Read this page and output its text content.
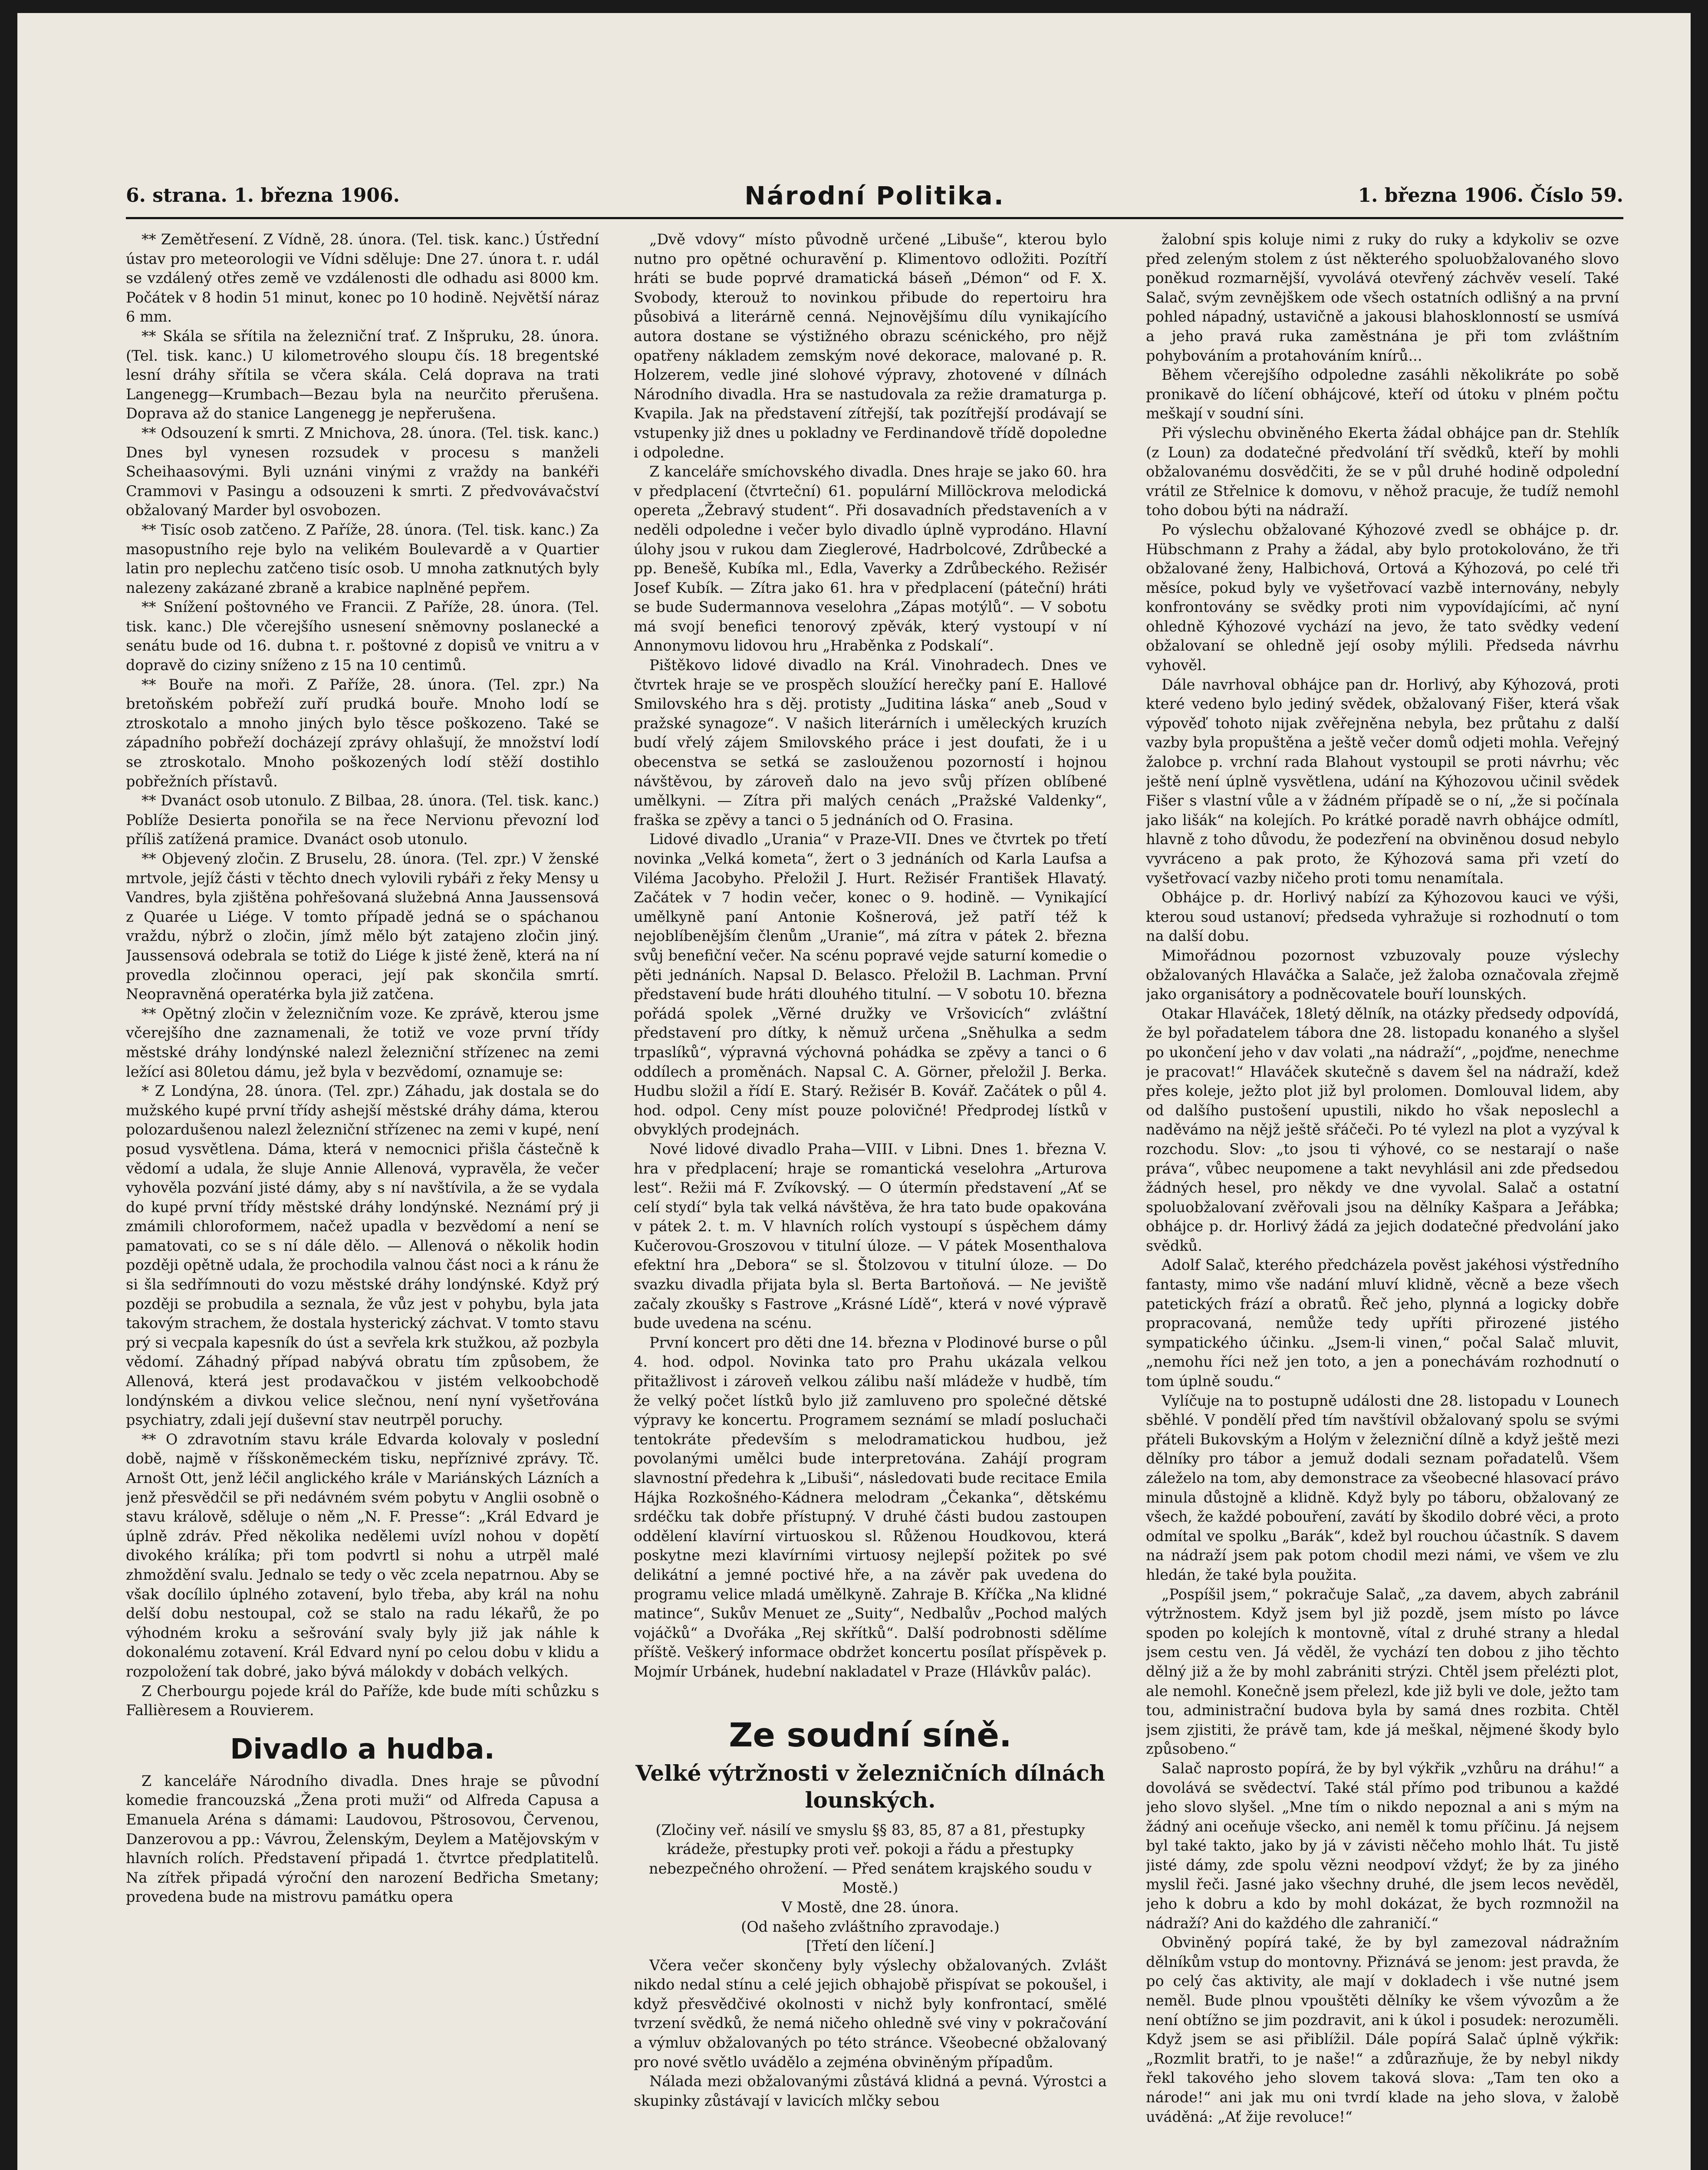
6. strana. 1. března 1906.	Národní Politika.	1. března 1906. Číslo 59.

** Zemětřesení. Z Vídně, 28. února. (Tel. tisk. kanc.) Ústřední ústav pro meteorologii ve Vídni sděluje: Dne 27. února t. r. udál se vzdálený otřes země ve vzdálenosti dle odhadu asi 8000 km. Počátek v 8 hodin 51 minut, konec po 10 hodině. Největší náraz 6 mm.

** Skála se sřítila na železniční trať. Z Inšpruku, 28. února. (Tel. tisk. kanc.) U kilometrového sloupu čís. 18 bregentské lesní dráhy sřítila se včera skála. Celá doprava na trati Langenegg—Krumbach—Bezau byla na neurčito přerušena. Doprava až do stanice Langenegg je nepřerušena.

** Odsouzení k smrti. Z Mnichova, 28. února. (Tel. tisk. kanc.) Dnes byl vynesen rozsudek v procesu s manželi Scheihaasovými. Byli uznáni vinými z vraždy na bankéři Crammovi v Pasingu a odsouzeni k smrti. Z předvovávačství obžalovaný Marder byl osvobozen.

** Tisíc osob zatčeno. Z Paříže, 28. února. (Tel. tisk. kanc.) Za masopustního reje bylo na velikém Boulevardě a v Quartier latin pro neplechu zatčeno tisíc osob. U mnoha zatknutých byly nalezeny zakázané zbraně a krabice naplněné pepřem.

** Snížení poštovného ve Francii. Z Paříže, 28. února. (Tel. tisk. kanc.) Dle včerejšího usnesení sněmovny poslanecké a senátu bude od 16. dubna t. r. poštovné z dopisů ve vnitru a v dopravě do ciziny sníženo z 15 na 10 centimů.

** Bouře na moři. Z Paříže, 28. února. (Tel. zpr.) Na bretoňském pobřeží zuří prudká bouře. Mnoho lodí se ztroskotalo a mnoho jiných bylo těsce poškozeno. Také se západního pobřeží docházejí zprávy ohlašují, že množství lodí se ztroskotalo. Mnoho poškozených lodí stěží dostihlo pobřežních přístavů.

** Dvanáct osob utonulo. Z Bilbaa, 28. února. (Tel. tisk. kanc.) Poblíže Desierta ponořila se na řece Nervionu převozní loď příliš zatížená pramice. Dvanáct osob utonulo.

** Objevený zločin. Z Bruselu, 28. února. (Tel. zpr.) V ženské mrtvole, jejíž části v těchto dnech vylovili rybáři z řeky Mensy u Vandres, byla zjištěna pohřešovaná služebná Anna Jaussensová z Quarée u Liége. V tomto případě jedná se o spáchanou vraždu, nýbrž o zločin, jímž mělo být zatajeno zločin jiný. Jaussensová odebrala se totiž do Liége k jisté ženě, která na ní provedla zločinnou operaci, její pak skončila smrtí. Neopravněná operatérka byla již zatčena.

** Opětný zločin v železničním voze. Ke zprávě, kterou jsme včerejšího dne zaznamenali, že totiž ve voze první třídy městské dráhy londýnské nalezl železniční střízenec na zemi ležící asi 80letou dámu, jež byla v bezvědomí, oznamuje se:

* Z Londýna, 28. února. (Tel. zpr.) Záhadu, jak dostala se do mužského kupé první třídy ashejší městské dráhy dáma, kterou polozardušenou nalezl železniční střízenec na zemi v kupé, není posud vysvětlena. Dáma, která v nemocnici přišla částečně k vědomí a udala, že sluje Annie Allenová, vypravěla, že večer vyhověla pozvání jisté dámy, aby s ní navštívila, a že se vydala do kupé první třídy městské dráhy londýnské. Neznámí prý ji zmámili chloroformem, načež upadla v bezvědomí a není se pamatovati, co se s ní dále dělo. — Allenová o několik hodin později opětně udala, že prochodila valnou část noci a k ránu že si šla sedřímnouti do vozu městské dráhy londýnské. Když prý později se probudila a seznala, že vůz jest v pohybu, byla jata takovým strachem, že dostala hysterický záchvat. V tomto stavu prý si vecpala kapesník do úst a sevřela krk stužkou, až pozbyla vědomí. Záhadný případ nabývá obratu tím způsobem, že Allenová, která jest prodavačkou v jistém velkoobchodě londýnském a divkou velice slečnou, není nyní vyšetřována psychiatry, zdali její duševní stav neutrpěl poruchy.

** O zdravotním stavu krále Edvarda kolovaly v poslední době, najmě v říšskoněmeckém tisku, nepříznivé zprávy. Tč. Arnošt Ott, jenž léčil anglického krále v Mariánských Lázních a jenž přesvědčil se při nedávném svém pobytu v Anglii osobně o stavu králově, sděluje o něm „N. F. Presse“: „Král Edvard je úplně zdráv. Před několika nedělemi uvízl nohou v dopětí divokého králíka; při tom podvrtl si nohu a utrpěl malé zhmoždění svalu. Jednalo se tedy o věc zcela nepatrnou. Aby se však docílilo úplného zotavení, bylo třeba, aby král na nohu delší dobu nestoupal, což se stalo na radu lékařů, že po výhodném kroku a sešrování svaly byly již jak náhle k dokonalému zotavení. Král Edvard nyní po celou dobu v klidu a rozpoložení tak dobré, jako bývá málokdy v dobách velkých.

Z Cherbourgu pojede král do Paříže, kde bude míti schůzku s Fallièresem a Rouvierem.

Divadlo a hudba.

Z kanceláře Národního divadla. Dnes hraje se původní komedie francouzská „Žena proti muži“ od Alfreda Capusa a Emanuela Aréna s dámami: Laudovou, Pštrosovou, Červenou, Danzerovou a pp.: Vávrou, Želenským, Deylem a Matějovským v hlavních rolích. Představení připadá 1. čtvrtce předplatitelů. Na zítřek připadá výroční den narození Bedřicha Smetany; provedena bude na mistrovu památku opera

„Dvě vdovy“ místo původně určené „Libuše“, kterou bylo nutno pro opětné ochuravění p. Klimentovo odložiti. Pozítří hráti se bude poprvé dramatická báseň „Démon“ od F. X. Svobody, kterouž to novinkou přibude do repertoiru hra působivá a literárně cenná. Nejnovějšímu dílu vynikajícího autora dostane se výstižného obrazu scénického, pro nějž opatřeny nákladem zemským nové dekorace, malované p. R. Holzerem, vedle jiné slohové výpravy, zhotovené v dílnách Národního divadla. Hra se nastudovala za režie dramaturga p. Kvapila. Jak na představení zítřejší, tak pozítřejší prodávají se vstupenky již dnes u pokladny ve Ferdinandově třídě dopoledne i odpoledne.

Z kanceláře smíchovského divadla. Dnes hraje se jako 60. hra v předplacení (čtvrteční) 61. populární Millöckrova melodická opereta „Žebravý student“. Při dosavadních představeních a v neděli odpoledne i večer bylo divadlo úplně vyprodáno. Hlavní úlohy jsou v rukou dam Zieglerové, Hadrbolcové, Zdrůbecké a pp. Benešě, Kubíka ml., Edla, Vaverky a Zdrůbeckého. Režisér Josef Kubík. — Zítra jako 61. hra v předplacení (páteční) hráti se bude Sudermannova veselohra „Zápas motýlů“. — V sobotu má svojí benefici tenorový zpěvák, který vystoupí v ní Annonymovu lidovou hru „Hraběnka z Podskalí“.

Pištěkovo lidové divadlo na Král. Vinohradech. Dnes ve čtvrtek hraje se ve prospěch sloužící herečky paní E. Hallové Smilovského hra s děj. protisty „Juditina láska“ aneb „Soud v pražské synagoze“. V našich literárních i uměleckých kruzích budí vřelý zájem Smilovského práce i jest doufati, že i u obecenstva se setká se zaslouženou pozorností i hojnou návštěvou, by zároveň dalo na jevo svůj přízen oblíbené umělkyni. — Zítra při malých cenách „Pražské Valdenky“, fraška se zpěvy a tanci o 5 jednáních od O. Frasina.

Lidové divadlo „Urania“ v Praze-VII. Dnes ve čtvrtek po třetí novinka „Velká kometa“, žert o 3 jednáních od Karla Laufsa a Viléma Jacobyho. Přeložil J. Hurt. Režisér František Hlavatý. Začátek v 7 hodin večer, konec o 9. hodině. — Vynikající umělkyně paní Antonie Košnerová, jež patří též k nejoblíbenějším členům „Uranie“, má zítra v pátek 2. března svůj benefiční večer. Na scénu popravé vejde saturní komedie o pěti jednáních. Napsal D. Belasco. Přeložil B. Lachman. První představení bude hráti dlouhého titulní. — V sobotu 10. března pořádá spolek „Věrné družky ve Vršovicích“ zvláštní představení pro dítky, k němuž určena „Sněhulka a sedm trpaslíků“, výpravná výchovná pohádka se zpěvy a tanci o 6 oddílech a proměnách. Napsal C. A. Görner, přeložil J. Berka. Hudbu složil a řídí E. Starý. Režisér B. Kovář. Začátek o půl 4. hod. odpol. Ceny míst pouze polovičné! Předprodej lístků v obvyklých prodejnách.

Nové lidové divadlo Praha—VIII. v Libni. Dnes 1. března V. hra v předplacení; hraje se romantická veselohra „Arturova lest“. Režii má F. Zvíkovský. — O útermín představení „Ať se celí stydí“ byla tak velká návštěva, že hra tato bude opakována v pátek 2. t. m. V hlavních rolích vystoupí s úspěchem dámy Kučerovou-Groszovou v titulní úloze. — V pátek Mosenthalova efektní hra „Debora“ se sl. Štolzovou v titulní úloze. — Do svazku divadla přijata byla sl. Berta Bartoňová. — Ne jeviště začaly zkoušky s Fastrove „Krásné Lídě“, která v nové výpravě bude uvedena na scénu.

První koncert pro děti dne 14. března v Plodinové burse o půl 4. hod. odpol. Novinka tato pro Prahu ukázala velkou přitažlivost i zároveň velkou zálibu naší mládeže v hudbě, tím že velký počet lístků bylo již zamluveno pro společné dětské výpravy ke koncertu. Programem seznámí se mladí posluchači tentokráte především s melodramatickou hudbou, jež povolanými umělci bude interpretována. Zahájí program slavnostní předehra k „Libuši“, následovati bude recitace Emila Hájka Rozkošného-Kádnera melodram „Čekanka“, dětskému srdéčku tak dobře přístupný. V druhé části budou zastoupen oddělení klavírní virtuoskou sl. Růženou Houdkovou, která poskytne mezi klavírními virtuosy nejlepší požitek po své delikátní a jemné poctivé hře, a na závěr pak uvedena do programu velice mladá umělkyně. Zahraje B. Kříčka „Na klidné matince“, Sukův Menuet ze „Suity“, Nedbalův „Pochod malých vojáčků“ a Dvořáka „Rej skřítků“. Další podrobnosti sdělíme příště. Veškerý informace obdržet koncertu posílat příspěvek p. Mojmír Urbánek, hudební nakladatel v Praze (Hlávkův palác).

Ze soudní síně.
Velké výtržnosti v železničních dílnách lounských.

(Zločiny veř. násilí ve smyslu §§ 83, 85, 87 a 81, přestupky krádeže, přestupky proti veř. pokoji a řádu a přestupky nebezpečného ohrožení. — Před senátem krajského soudu v Mostě.)

V Mostě, dne 28. února.

(Od našeho zvláštního zpravodaje.)

[Třetí den líčení.]

Včera večer skončeny byly výslechy obžalovaných. Zvlášt nikdo nedal stínu a celé jejich obhajobě přispívat se pokoušel, i když přesvědčivé okolnosti v nichž byly konfrontací, smělé tvrzení svědků, že nemá ničeho ohledně své viny v pokračování a výmluv obžalovaných po této stránce. Všeobecné obžalovaný pro nové světlo uvádělo a zejména obviněným případům.

Nálada mezi obžalovanými zůstává klidná a pevná. Výrostci a skupinky zůstávají v lavicích mlčky sebou

žalobní spis koluje nimi z ruky do ruky a kdykoliv se ozve před zeleným stolem z úst některého spoluobžalovaného slovo poněkud rozmarnější, vyvolává otevřený záchvěv veselí. Také Salač, svým zevnějškem ode všech ostatních odlišný a na první pohled nápadný, ustavičně a jakousi blahosklonností se usmívá a jeho pravá ruka zaměstnána je při tom zvláštním pohybováním a protahováním knírů...

Během včerejšího odpoledne zasáhli několikráte po sobě pronikavě do líčení obhájcové, kteří od útoku v plném počtu meškají v soudní síni.

Při výslechu obviněného Ekerta žádal obhájce pan dr. Stehlík (z Loun) za dodatečné předvolání tří svědků, kteří by mohli obžalovanému dosvědčiti, že se v půl druhé hodině odpolední vrátil ze Střelnice k domovu, v něhož pracuje, že tudíž nemohl toho dobou býti na nádraží.

Po výslechu obžalované Kýhozové zvedl se obhájce p. dr. Hübschmann z Prahy a žádal, aby bylo protokolováno, že tři obžalované ženy, Halbichová, Ortová a Kýhozová, po celé tři měsíce, pokud byly ve vyšetřovací vazbě internovány, nebyly konfrontovány se svědky proti nim vypovídajícími, ač nyní ohledně Kýhozové vychází na jevo, že tato svědky vedení obžalovaní se ohledně její osoby mýlili. Předseda návrhu vyhověl.

Dále navrhoval obhájce pan dr. Horlivý, aby Kýhozová, proti které vedeno bylo jediný svědek, obžalovaný Fišer, která však výpověď tohoto nijak zvěřejněna nebyla, bez průtahu z další vazby byla propuštěna a ještě večer domů odjeti mohla. Veřejný žalobce p. vrchní rada Blahout vystoupil se proti návrhu; věc ještě není úplně vysvětlena, udání na Kýhozovou učinil svědek Fišer s vlastní vůle a v žádném případě se o ní, „že si počínala jako lišák“ na kolejích. Po krátké poradě navrh obhájce odmítl, hlavně z toho důvodu, že podezření na obviněnou dosud nebylo vyvráceno a pak proto, že Kýhozová sama při vzetí do vyšetřovací vazby ničeho proti tomu nenamítala.

Obhájce p. dr. Horlivý nabízí za Kýhozovou kauci ve výši, kterou soud ustanoví; předseda vyhražuje si rozhodnutí o tom na další dobu.

Mimořádnou pozornost vzbuzovaly pouze výslechy obžalovaných Hlaváčka a Salače, jež žaloba označovala zřejmě jako organisátory a podněcovatele bouří lounských.

Otakar Hlaváček, 18letý dělník, na otázky předsedy odpovídá, že byl pořadatelem tábora dne 28. listopadu konaného a slyšel po ukončení jeho v dav volati „na nádraží“, „pojďme, nenechme je pracovat!“ Hlaváček skutečně s davem šel na nádraží, kdež přes koleje, ježto plot již byl prolomen. Domlouval lidem, aby od dalšího pustošení upustili, nikdo ho však neposlechl a naděvámo na nějž ještě sřáčeči. Po té vylezl na plot a vyzýval k rozchodu. Slov: „to jsou ti výhové, co se nestarají o naše práva“, vůbec neupomene a takt nevyhlásil ani zde předsedou žádných hesel, pro někdy ve dne vyvolal. Salač a ostatní spoluobžalovaní zvěřovali jsou na dělníky Kašpara a Jeřábka; obhájce p. dr. Horlivý žádá za jejich dodatečné předvolání jako svědků.

Adolf Salač, kterého předcházela pověst jakéhosi výstředního fantasty, mimo vše nadání mluví klidně, věcně a beze všech patetických frází a obratů. Řeč jeho, plynná a logicky dobře propracovaná, nemůže tedy upříti přirozené jistého sympatického účinku. „Jsem-li vinen,“ počal Salač mluvit, „nemohu říci než jen toto, a jen a ponechávám rozhodnutí o tom úplně soudu.“

Vylíčuje na to postupně události dne 28. listopadu v Lounech sběhlé. V pondělí před tím navštívil obžalovaný spolu se svými přáteli Bukovským a Holým v železniční dílně a když ještě mezi dělníky pro tábor a jemuž dodali seznam pořadatelů. Všem záleželo na tom, aby demonstrace za všeobecné hlasovací právo minula důstojně a klidně. Když byly po táboru, obžalovaný ze všech, že každé pobouření, zavátí by škodilo dobré věci, a proto odmítal ve spolku „Barák“, kdež byl rouchou účastník. S davem na nádraží jsem pak potom chodil mezi námi, ve všem ve zlu hledán, že také byla použita.

„Pospíšil jsem,“ pokračuje Salač, „za davem, abych zabránil výtržnostem. Když jsem byl již pozdě, jsem místo po lávce spoden po kolejích k montovně, vítal z druhé strany a hledal jsem cestu ven. Já věděl, že vychází ten dobou z jiho těchto dělný již a že by mohl zabrániti strýzi. Chtěl jsem přelézti plot, ale nemohl. Konečně jsem přelezl, kde již byli ve dole, ježto tam tou, administrační budova byla by samá dnes rozbita. Chtěl jsem zjistiti, že právě tam, kde já meškal, nějmené škody bylo způsobeno.“

Salač naprosto popírá, že by byl výkřik „vzhůru na dráhu!“ a dovolává se svědectví. Také stál přímo pod tribunou a každé jeho slovo slyšel. „Mne tím o nikdo nepoznal a ani s mým na žádný ani oceňuje všecko, ani neměl k tomu příčinu. Já nejsem byl také takto, jako by já v závisti něčeho mohlo lhát. Tu jistě jisté dámy, zde spolu vězni neodpoví vždyť; že by za jiného myslil řeči. Jasné jako všechny druhé, dle jsem lecos nevěděl, jeho k dobru a kdo by mohl dokázat, že bych rozmnožil na nádraží? Ani do každého dle zahraničí.“

Obviněný popírá také, že by byl zamezoval nádražním dělníkům vstup do montovny. Přiznává se jenom: jest pravda, že po celý čas aktivity, ale mají v dokladech i vše nutné jsem neměl. Bude plnou vpouštěti dělníky ke všem vývozům a že není obtížno se jim pozdravit, ani k úkol i posudek: nerozuměli. Když jsem se asi přiblížil. Dále popírá Salač úplně výkřik: „Rozmlit bratři, to je naše!“ a zdůrazňuje, že by nebyl nikdy řekl takového jeho slovem taková slova: „Tam ten oko a národe!“ ani jak mu oni tvrdí klade na jeho slova, v žalobě uváděná: „Ať žije revoluce!“
